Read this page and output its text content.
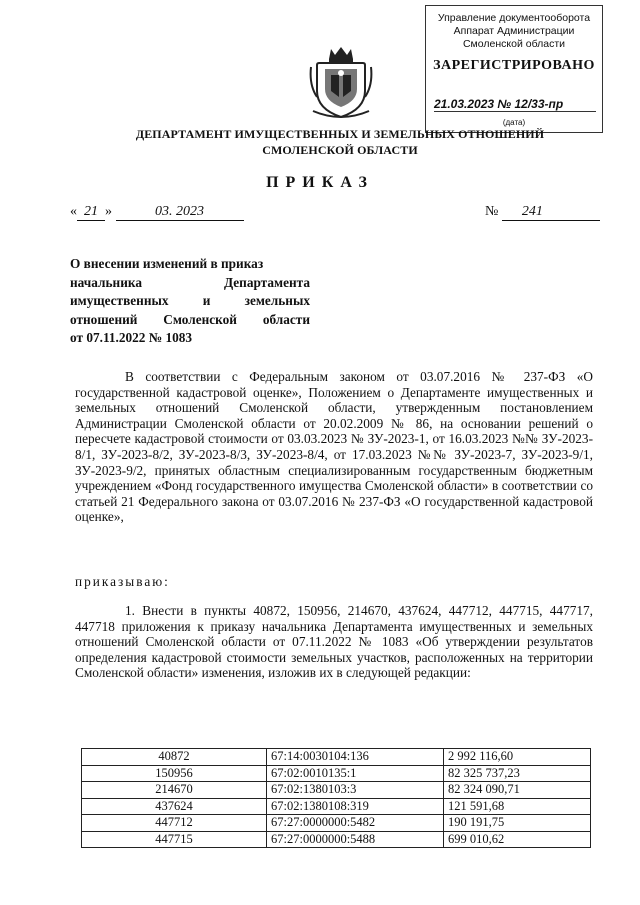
Управление документооборота
Аппарат Администрации
Смоленской области
ЗАРЕГИСТРИРОВАНО
21.03.2023 № 12/33-пр
(дата)
ДЕПАРТАМЕНТ ИМУЩЕСТВЕННЫХ И ЗЕМЕЛЬНЫХ ОТНОШЕНИЙ
СМОЛЕНСКОЙ ОБЛАСТИ
ПРИКАЗ
« 21 »	03. 2023	№ 241
О внесении изменений в приказ
начальника Департамента
имущественных и земельных
отношений Смоленской области
от 07.11.2022 № 1083

В соответствии с Федеральным законом от 03.07.2016 № 237-ФЗ «О государственной кадастровой оценке», Положением о Департаменте имущественных и земельных отношений Смоленской области, утвержденным постановлением Администрации Смоленской области от 20.02.2009 № 86, на основании решений о пересчете кадастровой стоимости от 03.03.2023 № ЗУ-2023-1, от 16.03.2023 №№ ЗУ-2023-8/1, ЗУ-2023-8/2, ЗУ-2023-8/3, ЗУ-2023-8/4, от 17.03.2023 №№ ЗУ-2023-7, ЗУ-2023-9/1, ЗУ-2023-9/2, принятых областным специализированным государственным бюджетным учреждением «Фонд государственного имущества Смоленской области» в соответствии со статьей 21 Федерального закона от 03.07.2016 № 237-ФЗ «О государственной кадастровой оценке»,

приказываю:

1. Внести в пункты 40872, 150956, 214670, 437624, 447712, 447715, 447717, 447718 приложения к приказу начальника Департамента имущественных и земельных отношений Смоленской области от 07.11.2022 № 1083 «Об утверждении результатов определения кадастровой стоимости земельных участков, расположенных на территории Смоленской области» изменения, изложив их в следующей редакции:

40872	67:14:0030104:136	2 992 116,60
150956	67:02:0010135:1	82 325 737,23
214670	67:02:1380103:3	82 324 090,71
437624	67:02:1380108:319	121 591,68
447712	67:27:0000000:5482	190 191,75
447715	67:27:0000000:5488	699 010,62
